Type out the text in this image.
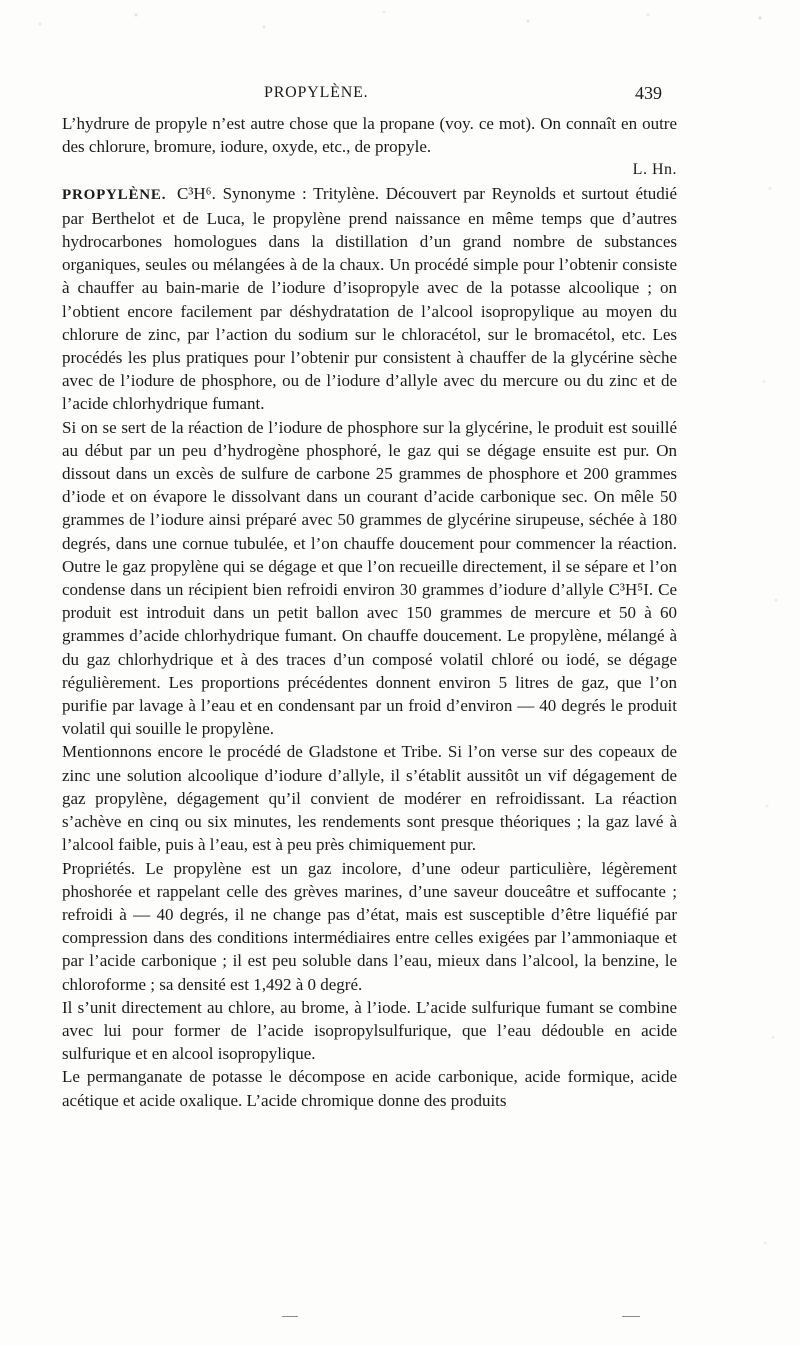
PROPYLÈNE.	439

L’hydrure de propyle n’est autre chose que la propane (voy. ce mot). On connaît en outre des chlorure, bromure, iodure, oxyde, etc., de propyle.

L. Hn.

PROPYLÈNE. C³H⁶. Synonyme : Tritylène. Découvert par Reynolds et surtout étudié par Berthelot et de Luca, le propylène prend naissance en même temps que d’autres hydrocarbones homologues dans la distillation d’un grand nombre de substances organiques, seules ou mélangées à de la chaux. Un procédé simple pour l’obtenir consiste à chauffer au bain-marie de l’iodure d’isopropyle avec de la potasse alcoolique ; on l’obtient encore facilement par déshydratation de l’alcool isopropylique au moyen du chlorure de zinc, par l’action du sodium sur le chloracétol, sur le bromacétol, etc. Les procédés les plus pratiques pour l’obtenir pur consistent à chauffer de la glycérine sèche avec de l’iodure de phosphore, ou de l’iodure d’allyle avec du mercure ou du zinc et de l’acide chlorhydrique fumant.

Si on se sert de la réaction de l’iodure de phosphore sur la glycérine, le produit est souillé au début par un peu d’hydrogène phosphoré, le gaz qui se dégage ensuite est pur. On dissout dans un excès de sulfure de carbone 25 grammes de phosphore et 200 grammes d’iode et on évapore le dissolvant dans un courant d’acide carbonique sec. On mêle 50 grammes de l’iodure ainsi préparé avec 50 grammes de glycérine sirupeuse, séchée à 180 degrés, dans une cornue tubulée, et l’on chauffe doucement pour commencer la réaction. Outre le gaz propylène qui se dégage et que l’on recueille directement, il se sépare et l’on condense dans un récipient bien refroidi environ 30 grammes d’iodure d’allyle C³H⁵I. Ce produit est introduit dans un petit ballon avec 150 grammes de mercure et 50 à 60 grammes d’acide chlorhydrique fumant. On chauffe doucement. Le propylène, mélangé à du gaz chlorhydrique et à des traces d’un composé volatil chloré ou iodé, se dégage régulièrement. Les proportions précédentes donnent environ 5 litres de gaz, que l’on purifie par lavage à l’eau et en condensant par un froid d’environ — 40 degrés le produit volatil qui souille le propylène.

Mentionnons encore le procédé de Gladstone et Tribe. Si l’on verse sur des copeaux de zinc une solution alcoolique d’iodure d’allyle, il s’établit aussitôt un vif dégagement de gaz propylène, dégagement qu’il convient de modérer en refroidissant. La réaction s’achève en cinq ou six minutes, les rendements sont presque théoriques ; la gaz lavé à l’alcool faible, puis à l’eau, est à peu près chimiquement pur.

Propriétés. Le propylène est un gaz incolore, d’une odeur particulière, légèrement phoshorée et rappelant celle des grèves marines, d’une saveur douceâtre et suffocante ; refroidi à — 40 degrés, il ne change pas d’état, mais est susceptible d’être liquéfié par compression dans des conditions intermédiaires entre celles exigées par l’ammoniaque et par l’acide carbonique ; il est peu soluble dans l’eau, mieux dans l’alcool, la benzine, le chloroforme ; sa densité est 1,492 à 0 degré.

Il s’unit directement au chlore, au brome, à l’iode. L’acide sulfurique fumant se combine avec lui pour former de l’acide isopropylsulfurique, que l’eau dédouble en acide sulfurique et en alcool isopropylique.

Le permanganate de potasse le décompose en acide carbonique, acide formique, acide acétique et acide oxalique. L’acide chromique donne des produits
